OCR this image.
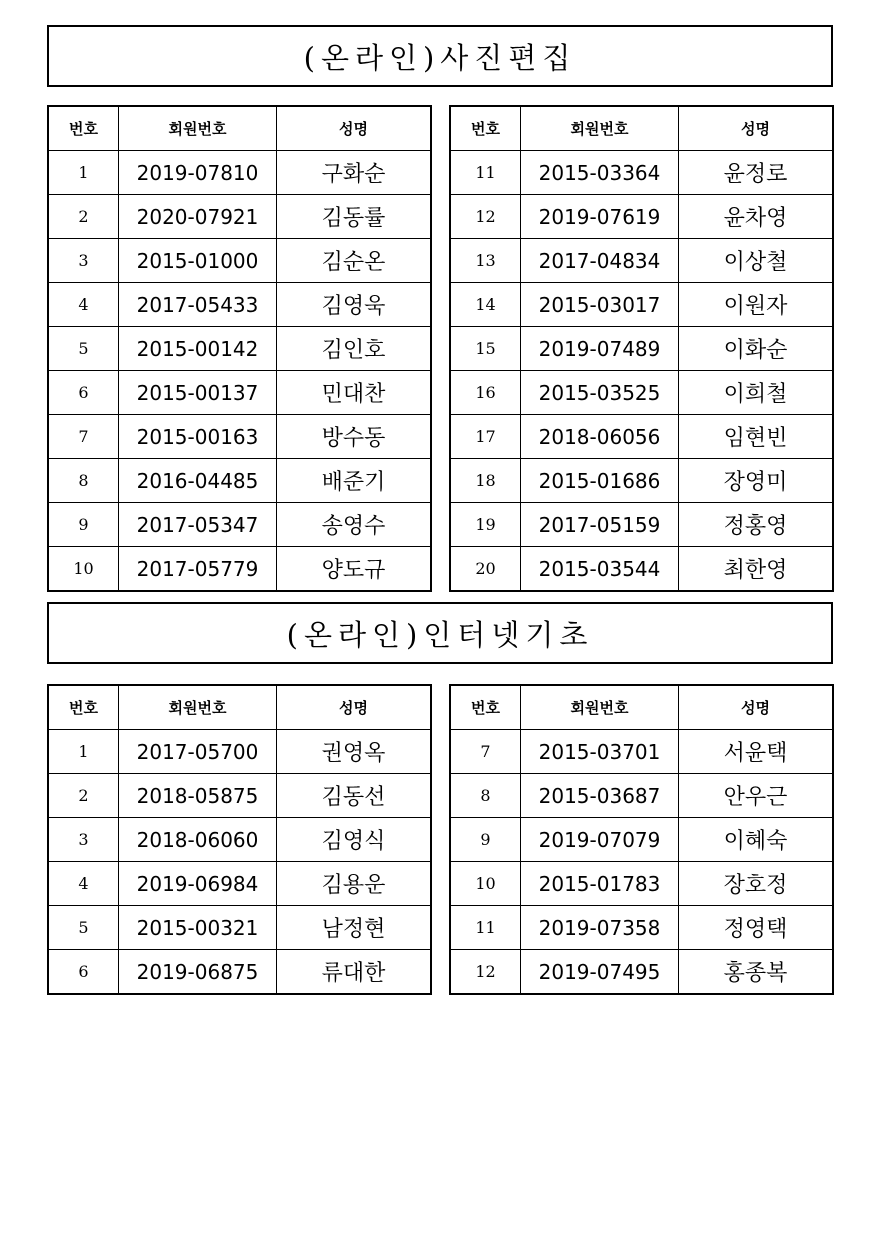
(온라인)사진편집
번호	회원번호	성명
1	2019-07810	구화순
2	2020-07921	김동률
3	2015-01000	김순온
4	2017-05433	김영욱
5	2015-00142	김인호
6	2015-00137	민대찬
7	2015-00163	방수동
8	2016-04485	배준기
9	2017-05347	송영수
10	2017-05779	양도규
번호	회원번호	성명
11	2015-03364	윤정로
12	2019-07619	윤차영
13	2017-04834	이상철
14	2015-03017	이원자
15	2019-07489	이화순
16	2015-03525	이희철
17	2018-06056	임현빈
18	2015-01686	장영미
19	2017-05159	정홍영
20	2015-03544	최한영
(온라인)인터넷기초
번호	회원번호	성명
1	2017-05700	권영옥
2	2018-05875	김동선
3	2018-06060	김영식
4	2019-06984	김용운
5	2015-00321	남정현
6	2019-06875	류대한
번호	회원번호	성명
7	2015-03701	서윤택
8	2015-03687	안우근
9	2019-07079	이혜숙
10	2015-01783	장호정
11	2019-07358	정영택
12	2019-07495	홍종복
